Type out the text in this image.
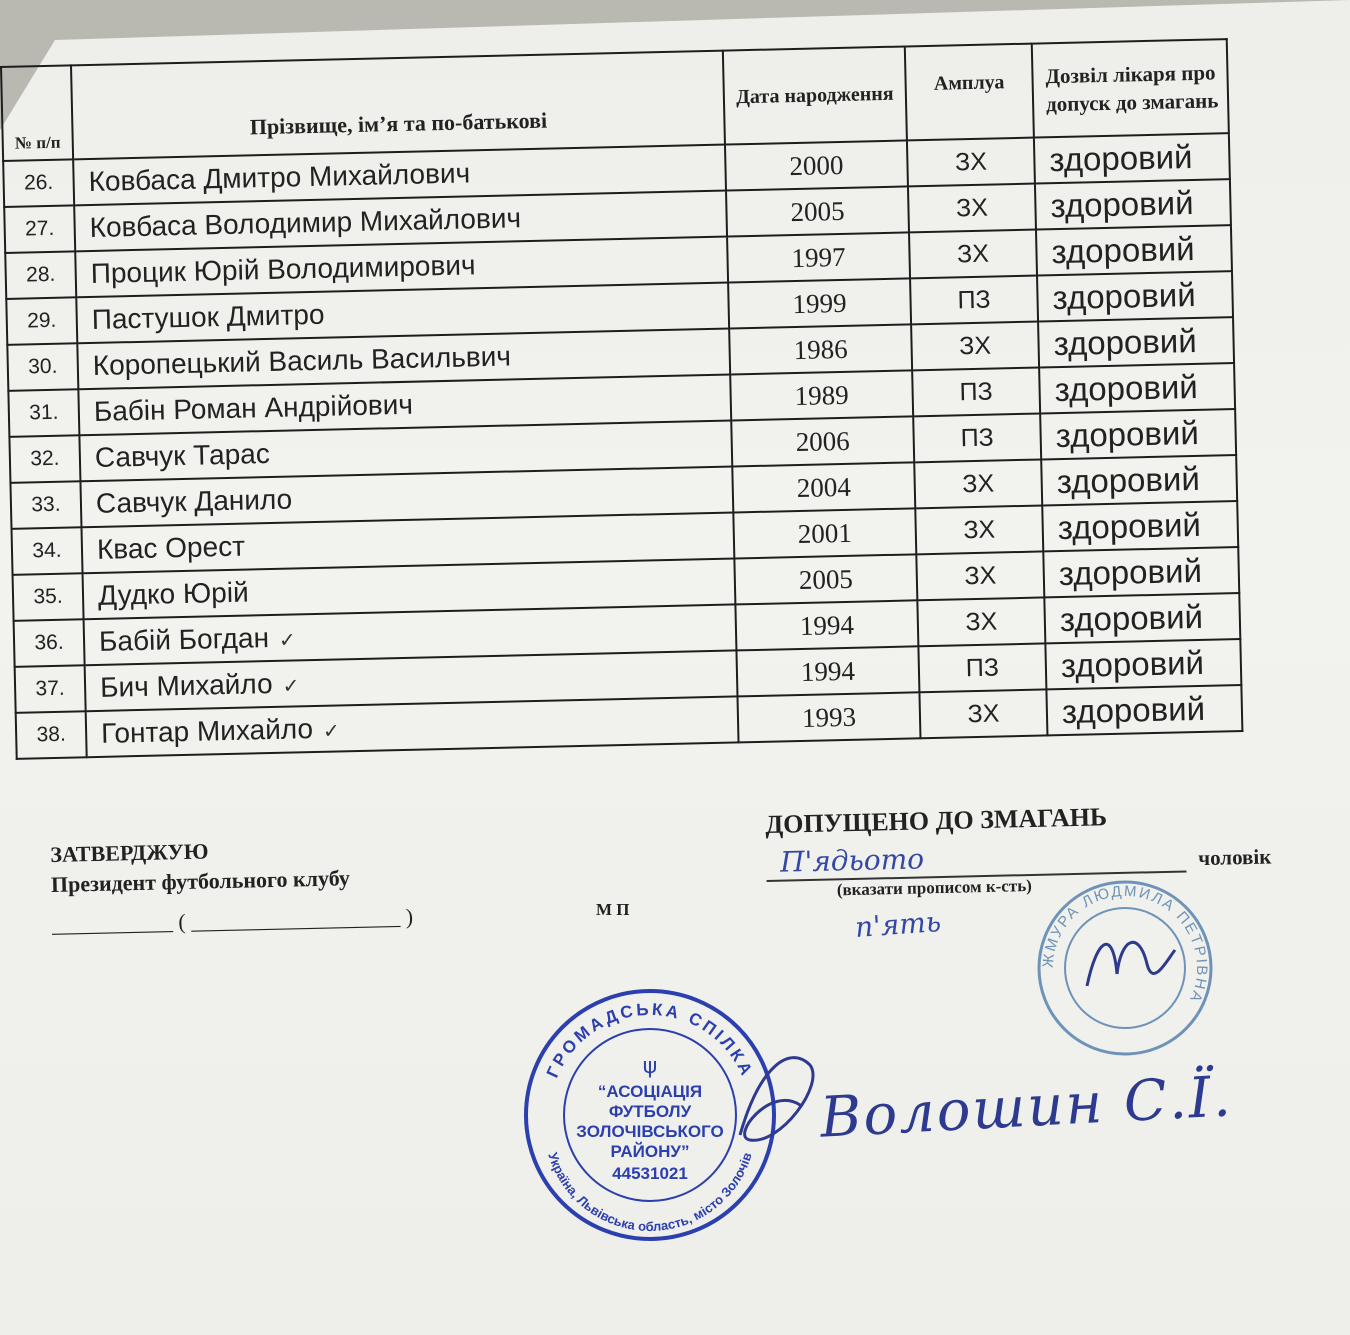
№ п/п	Прізвище, ім’я та по-батькові	Дата народження	Амплуа	Дозвіл лікаря про допуск до змагань
26.	Ковбаса Дмитро Михайлович	2000	ЗХ	здоровий
27.	Ковбаса Володимир Михайлович	2005	ЗХ	здоровий
28.	Процик Юрій Володимирович	1997	ЗХ	здоровий
29.	Пастушок Дмитро	1999	ПЗ	здоровий
30.	Коропецький Василь Васильвич	1986	ЗХ	здоровий
31.	Бабін Роман Андрійович	1989	ПЗ	здоровий
32.	Савчук Тарас	2006	ПЗ	здоровий
33.	Савчук Данило	2004	ЗХ	здоровий
34.	Квас Орест	2001	ЗХ	здоровий
35.	Дудко Юрій	2005	ЗХ	здоровий
36.	Бабій Богдан ✓	1994	ЗХ	здоровий
37.	Бич Михайло ✓	1994	ПЗ	здоровий
38.	Гонтар Михайло ✓	1993	ЗХ	здоровий
ЗАТВЕРДЖУЮ
Президент футбольного клубу
___________ ( ___________________ )	М П
ДОПУЩЕНО ДО ЗМАГАНЬ
П'ядьото	чоловік
(вказати прописом к-сть)
п'ять
ГРОМАДСЬКА СПІЛКА
Україна, Львівська область, місто Золочів
ψ
“АСОЦІАЦІЯ
ФУТБОЛУ
ЗОЛОЧІВСЬКОГО
РАЙОНУ”
44531021
ЖМУРА ЛЮДМИЛА ПЕТРІВНА
Волошин С.Ї.
